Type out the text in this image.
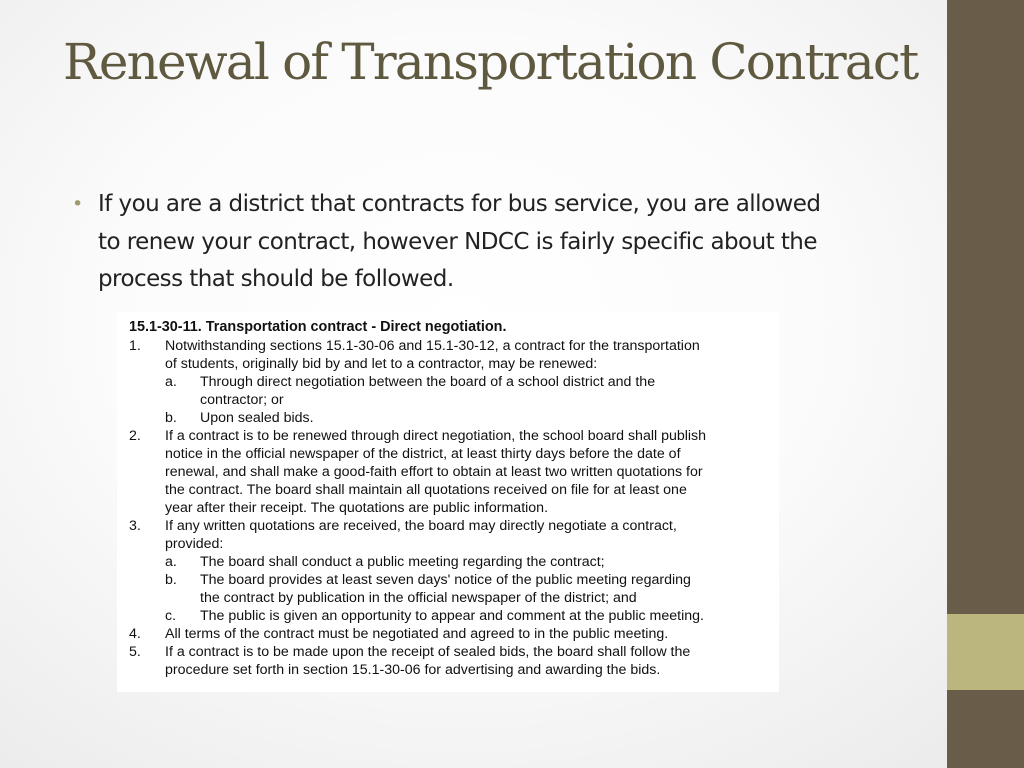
Renewal of Transportation Contract
• If you are a district that contracts for bus service, you are allowed to renew your contract, however NDCC is fairly specific about the process that should be followed.
15.1-30-11. Transportation contract - Direct negotiation.
1.	Notwithstanding sections 15.1-30-06 and 15.1-30-12, a contract for the transportation
of students, originally bid by and let to a contractor, may be renewed:
a.	Through direct negotiation between the board of a school district and the
contractor; or
b.	Upon sealed bids.
2.	If a contract is to be renewed through direct negotiation, the school board shall publish
notice in the official newspaper of the district, at least thirty days before the date of
renewal, and shall make a good-faith effort to obtain at least two written quotations for
the contract. The board shall maintain all quotations received on file for at least one
year after their receipt. The quotations are public information.
3.	If any written quotations are received, the board may directly negotiate a contract,
provided:
a.	The board shall conduct a public meeting regarding the contract;
b.	The board provides at least seven days' notice of the public meeting regarding
the contract by publication in the official newspaper of the district; and
c.	The public is given an opportunity to appear and comment at the public meeting.
4.	All terms of the contract must be negotiated and agreed to in the public meeting.
5.	If a contract is to be made upon the receipt of sealed bids, the board shall follow the
procedure set forth in section 15.1-30-06 for advertising and awarding the bids.
